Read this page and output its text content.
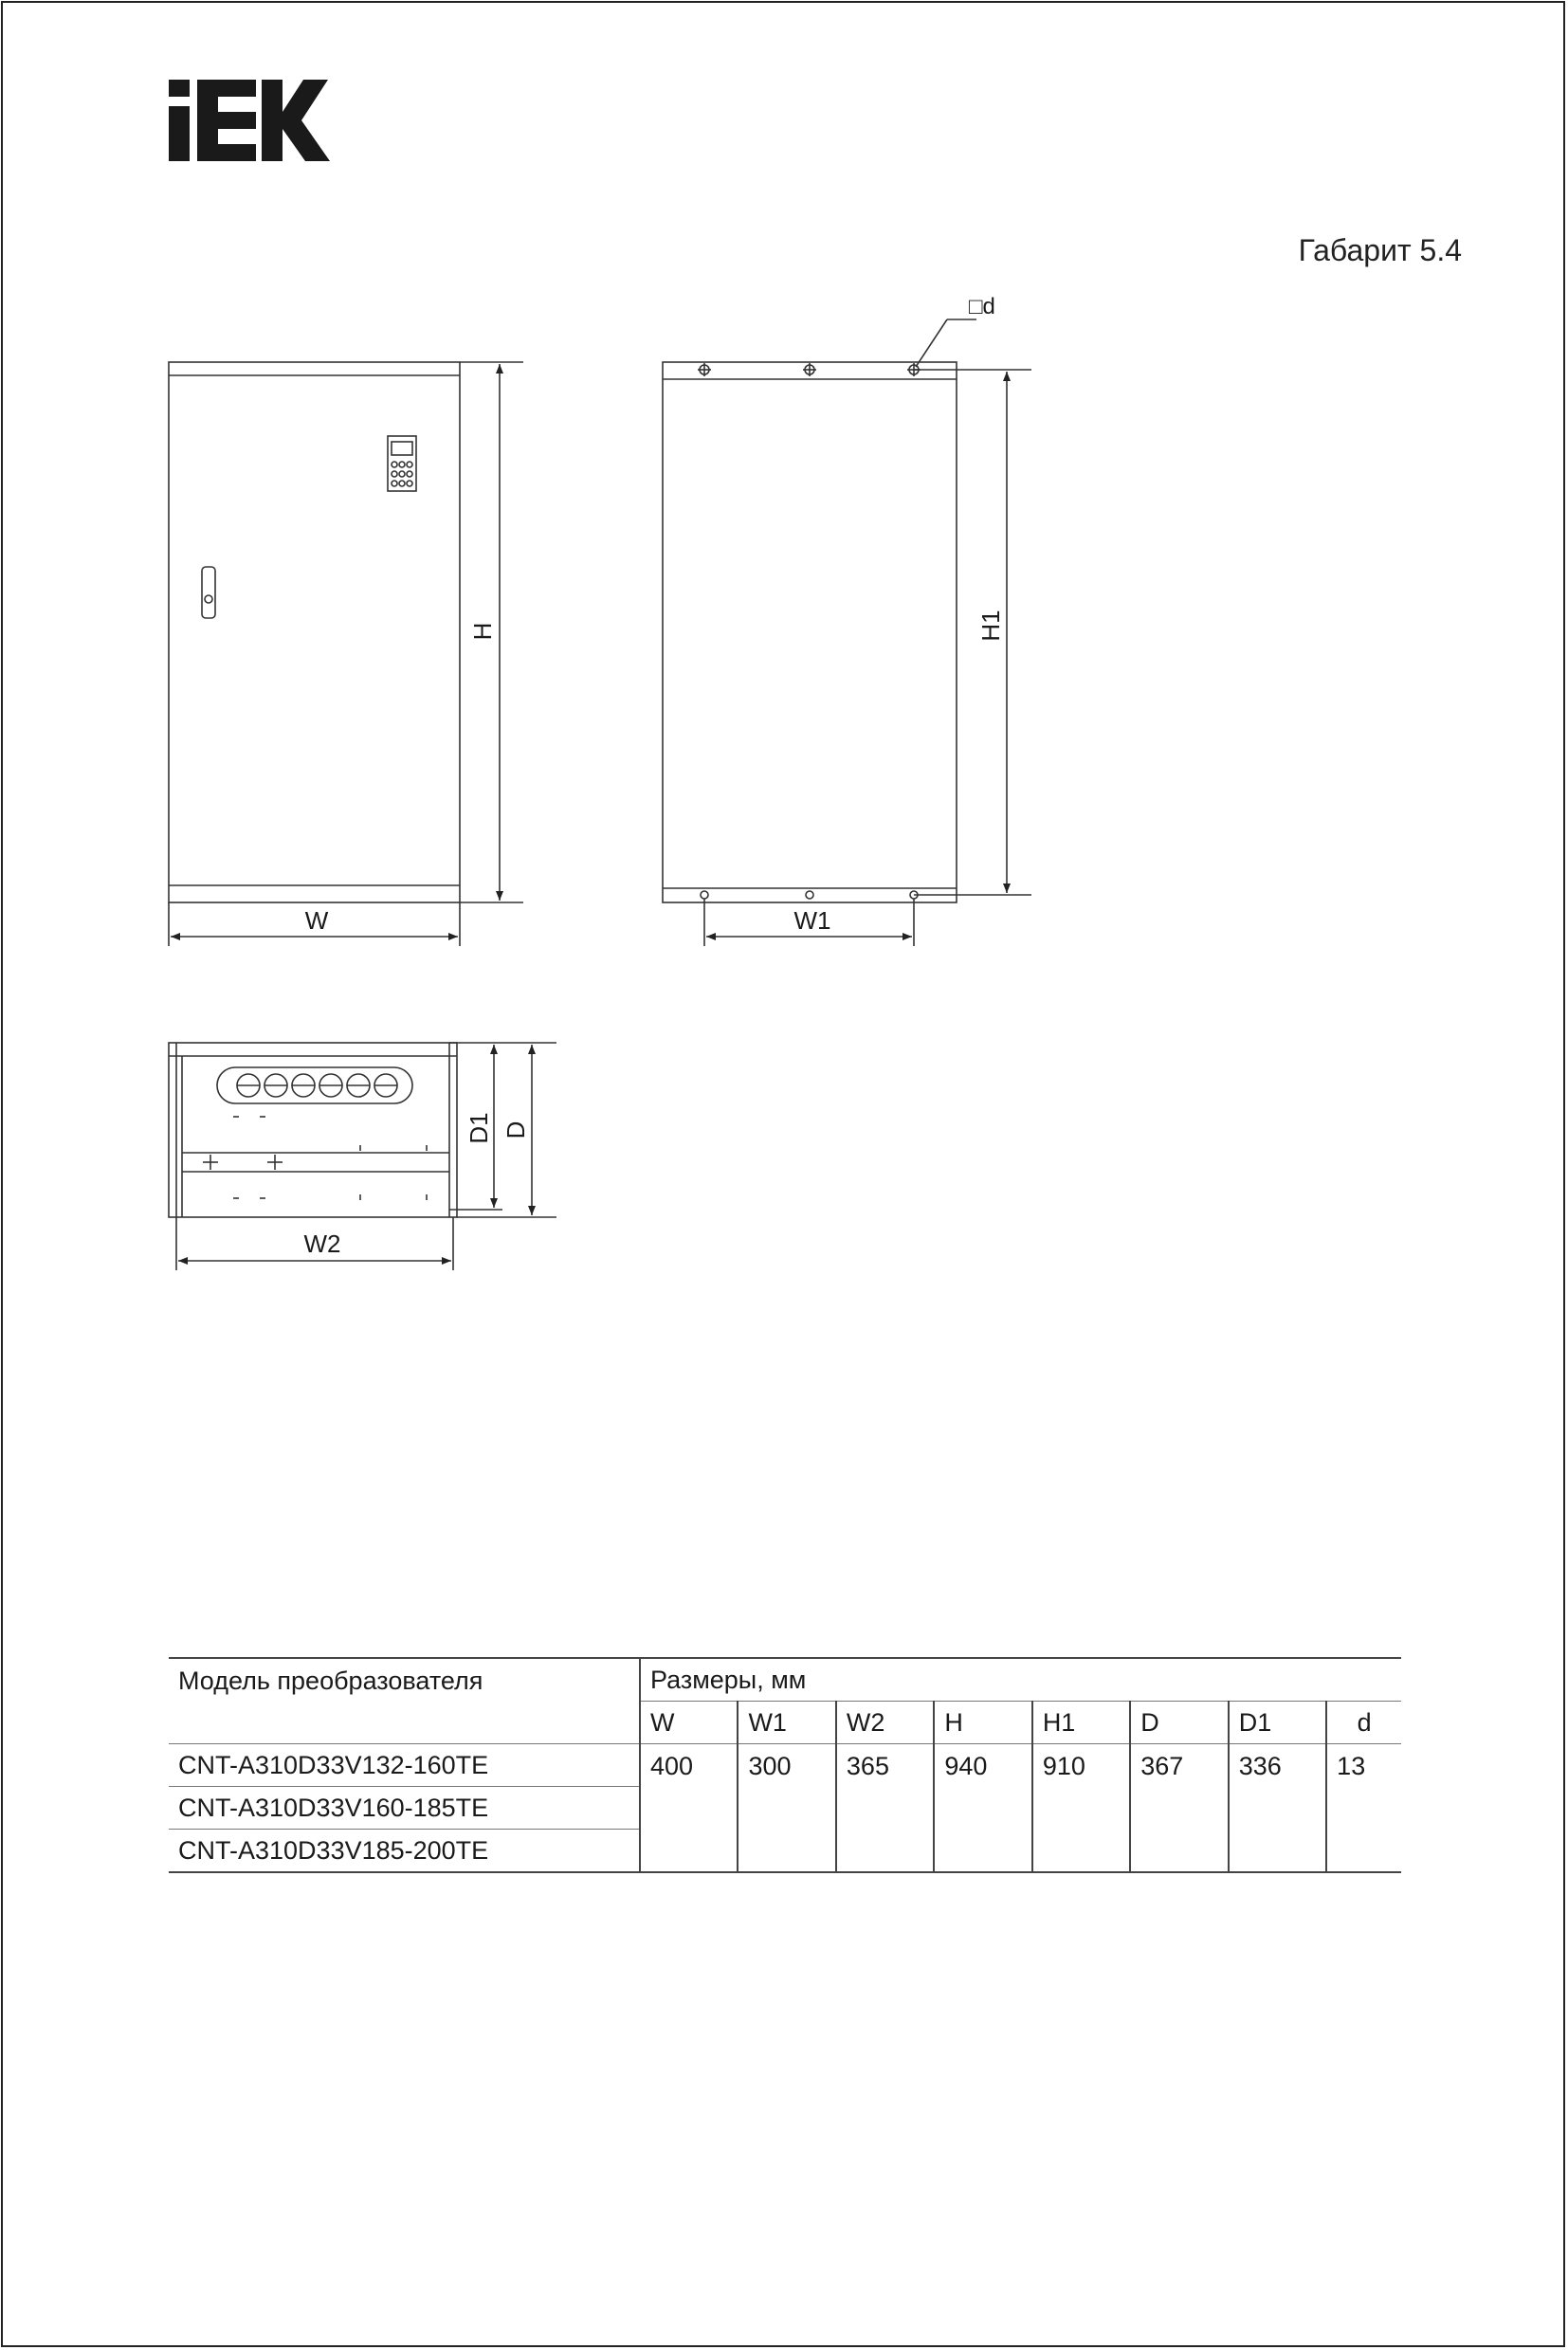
Габарит 5.4
W
H
W1
H1
□d
W2
D1 D
Модель преобразователя	Размеры, мм							
	W	W1	W2	H	H1	D	D1	d
CNT-A310D33V132-160TE	400	300	365	940	910	367	336	13
CNT-A310D33V160-185TE								
CNT-A310D33V185-200TE								
